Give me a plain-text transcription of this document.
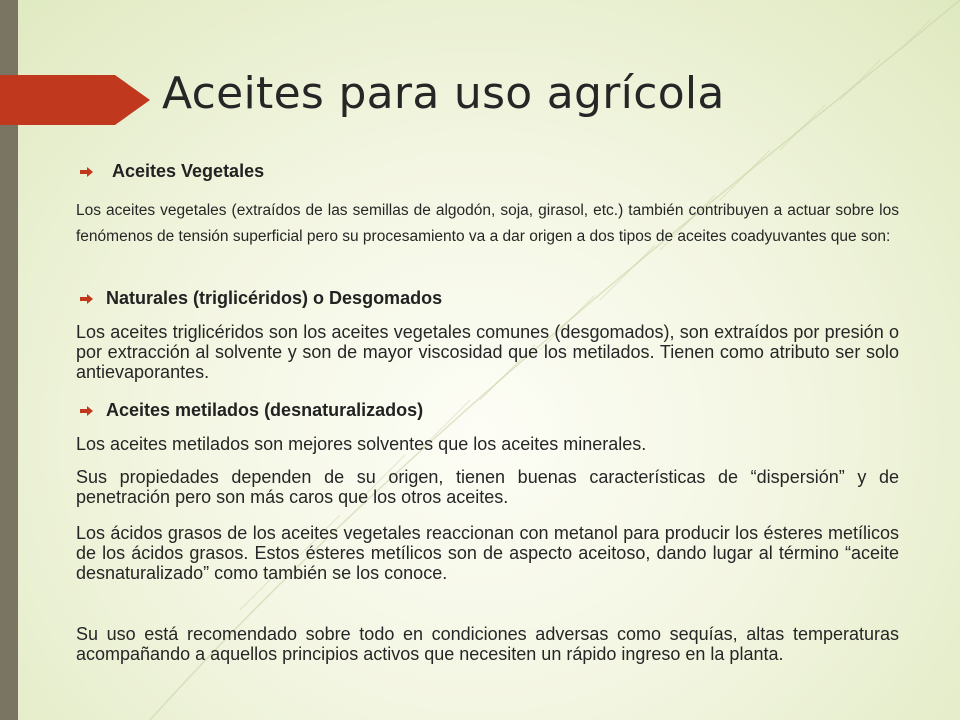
Aceites para uso agrícola
Aceites Vegetales

Los aceites vegetales (extraídos de las semillas de algodón, soja, girasol, etc.) también contribuyen a actuar sobre los fenómenos de tensión superficial pero su procesamiento va a dar origen a dos tipos de aceites coadyuvantes que son:

Naturales (triglicéridos) o Desgomados

Los aceites triglicéridos son los aceites vegetales comunes (desgomados), son extraídos por presión o por extracción al solvente y son de mayor viscosidad que los metilados. Tienen como atributo ser solo antievaporantes.

Aceites metilados (desnaturalizados)

Los aceites metilados son mejores solventes que los aceites minerales.

Sus propiedades dependen de su origen, tienen buenas características de “dispersión” y de penetración pero son más caros que los otros aceites.

Los ácidos grasos de los aceites vegetales reaccionan con metanol para producir los ésteres metílicos de los ácidos grasos. Estos ésteres metílicos son de aspecto aceitoso, dando lugar al término “aceite desnaturalizado” como también se los conoce.

Su uso está recomendado sobre todo en condiciones adversas como sequías, altas temperaturas acompañando a aquellos principios activos que necesiten un rápido ingreso en la planta.
